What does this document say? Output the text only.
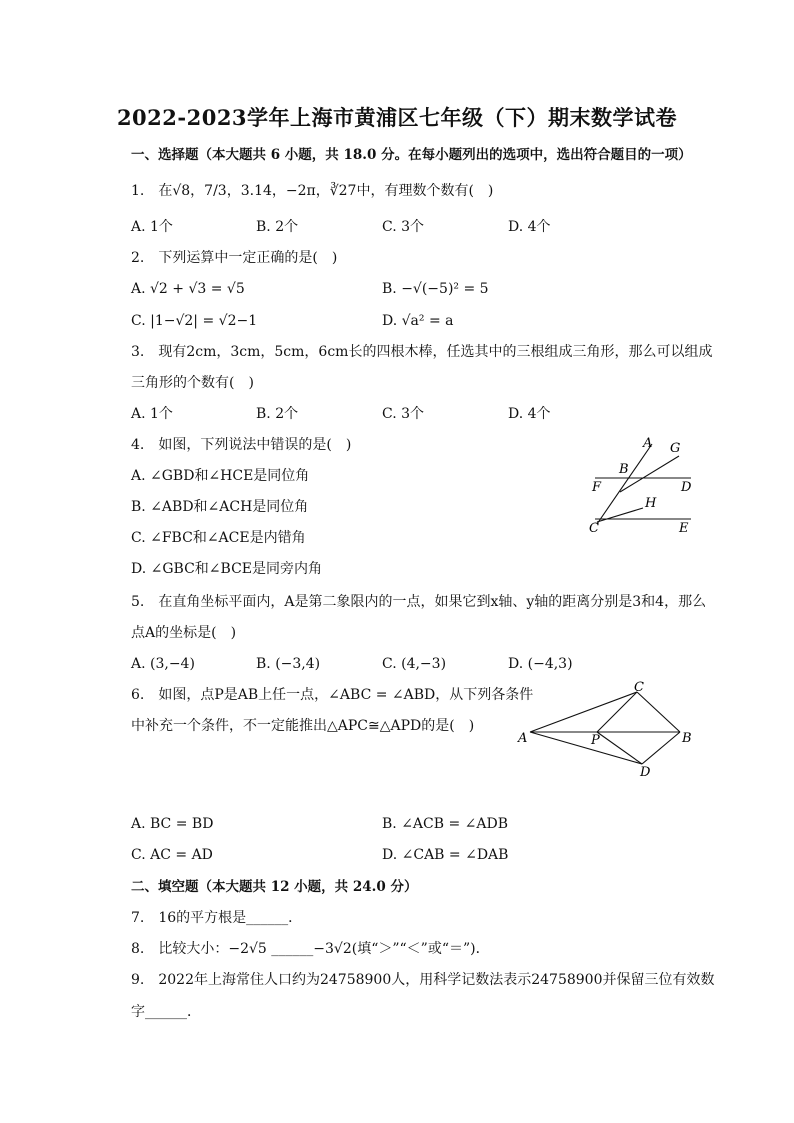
2022-2023学年上海市黄浦区七年级（下）期末数学试卷
一、选择题（本大题共 6 小题，共 18.0 分。在每小题列出的选项中，选出符合题目的一项）
1.　在√8，7/3，3.14，−2π，∛27中，有理数个数有(　)
A. 1个	B. 2个	C. 3个	D. 4个
2.　下列运算中一定正确的是(　)
A. √2 + √3 = √5	B. −√(−5)² = 5
C. |1−√2| = √2−1	D. √a² = a
3.　现有2cm，3cm，5cm，6cm长的四根木棒，任选其中的三根组成三角形，那么可以组成
三角形的个数有(　)
A. 1个	B. 2个	C. 3个	D. 4个
4.　如图，下列说法中错误的是(　)
A. ∠GBD和∠HCE是同位角
B. ∠ABD和∠ACH是同位角
C. ∠FBC和∠ACE是内错角
D. ∠GBC和∠BCE是同旁内角
A G
B
F	D
H
C	E
5.　在直角坐标平面内，A是第二象限内的一点，如果它到x轴、y轴的距离分别是3和4，那么
点A的坐标是(　)
A. (3,−4)	B. (−3,4)	C. (4,−3)	D. (−4,3)
6.　如图，点P是AB上任一点，∠ABC = ∠ABD，从下列各条件
中补充一个条件，不一定能推出△APC≅△APD的是(　)
C
A	P	B
D
A. BC = BD	B. ∠ACB = ∠ADB
C. AC = AD	D. ∠CAB = ∠DAB
二、填空题（本大题共 12 小题，共 24.0 分）
7.　16的平方根是______．
8.　比较大小：−2√5 ______−3√2(填“＞”“＜”或“＝”)．
9.　2022年上海常住人口约为24758900人，用科学记数法表示24758900并保留三位有效数
字______．
